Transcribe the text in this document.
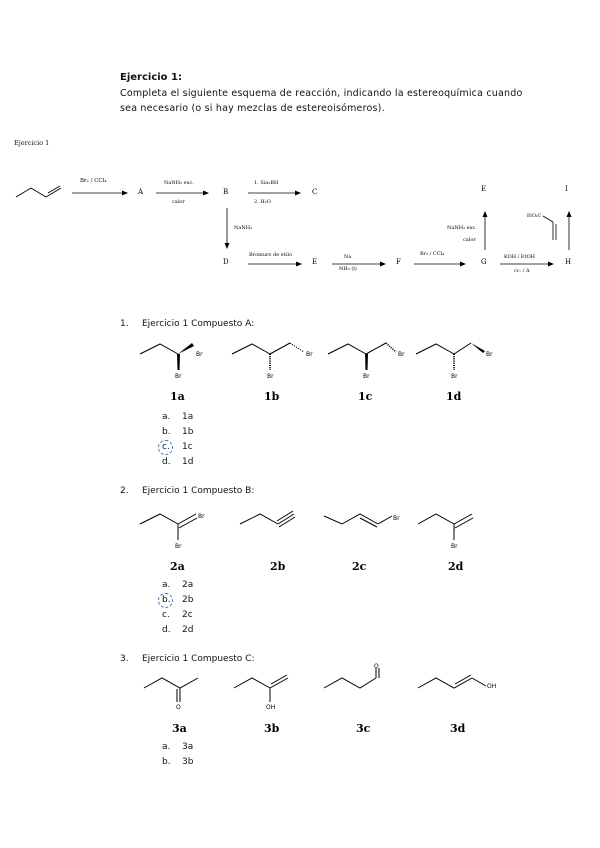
Ejercicio 1:
Completa el siguiente esquema de reacción, indicando la estereoquímica cuando sea necesario (o si hay mezclas de estereoisómeros).
Ejercicio 1
Br₂ / CCl₄
A
NaNH₂ exc.
calor
B
1. Sia₂BH
2. H₂O
C
NaNH₂
D
Bromuro de etilo
E
Na
NH₃ (l)
F
Br₂ / CCl₄
G
NaNH₂ exc.
calor
E
KOH / EtOH
cc. / Δ
H
EtO₂C
I
1. Ejercicio 1 Compuesto A:
Br
Br
1a
Br
Br
1b
Br
Br
1c
Br
Br
1d
a.	1a
b.	1b
c.	1c
d.	1d
2. Ejercicio 1 Compuesto B:
Br
Br
2a	2b
Br
2c
Br
2d
a.	2a
b.	2b
c.	2c
d.	2d
3. Ejercicio 1 Compuesto C:
O
3a
OH
3b
O
3c
OH
3d
a.	3a
b.	3b
